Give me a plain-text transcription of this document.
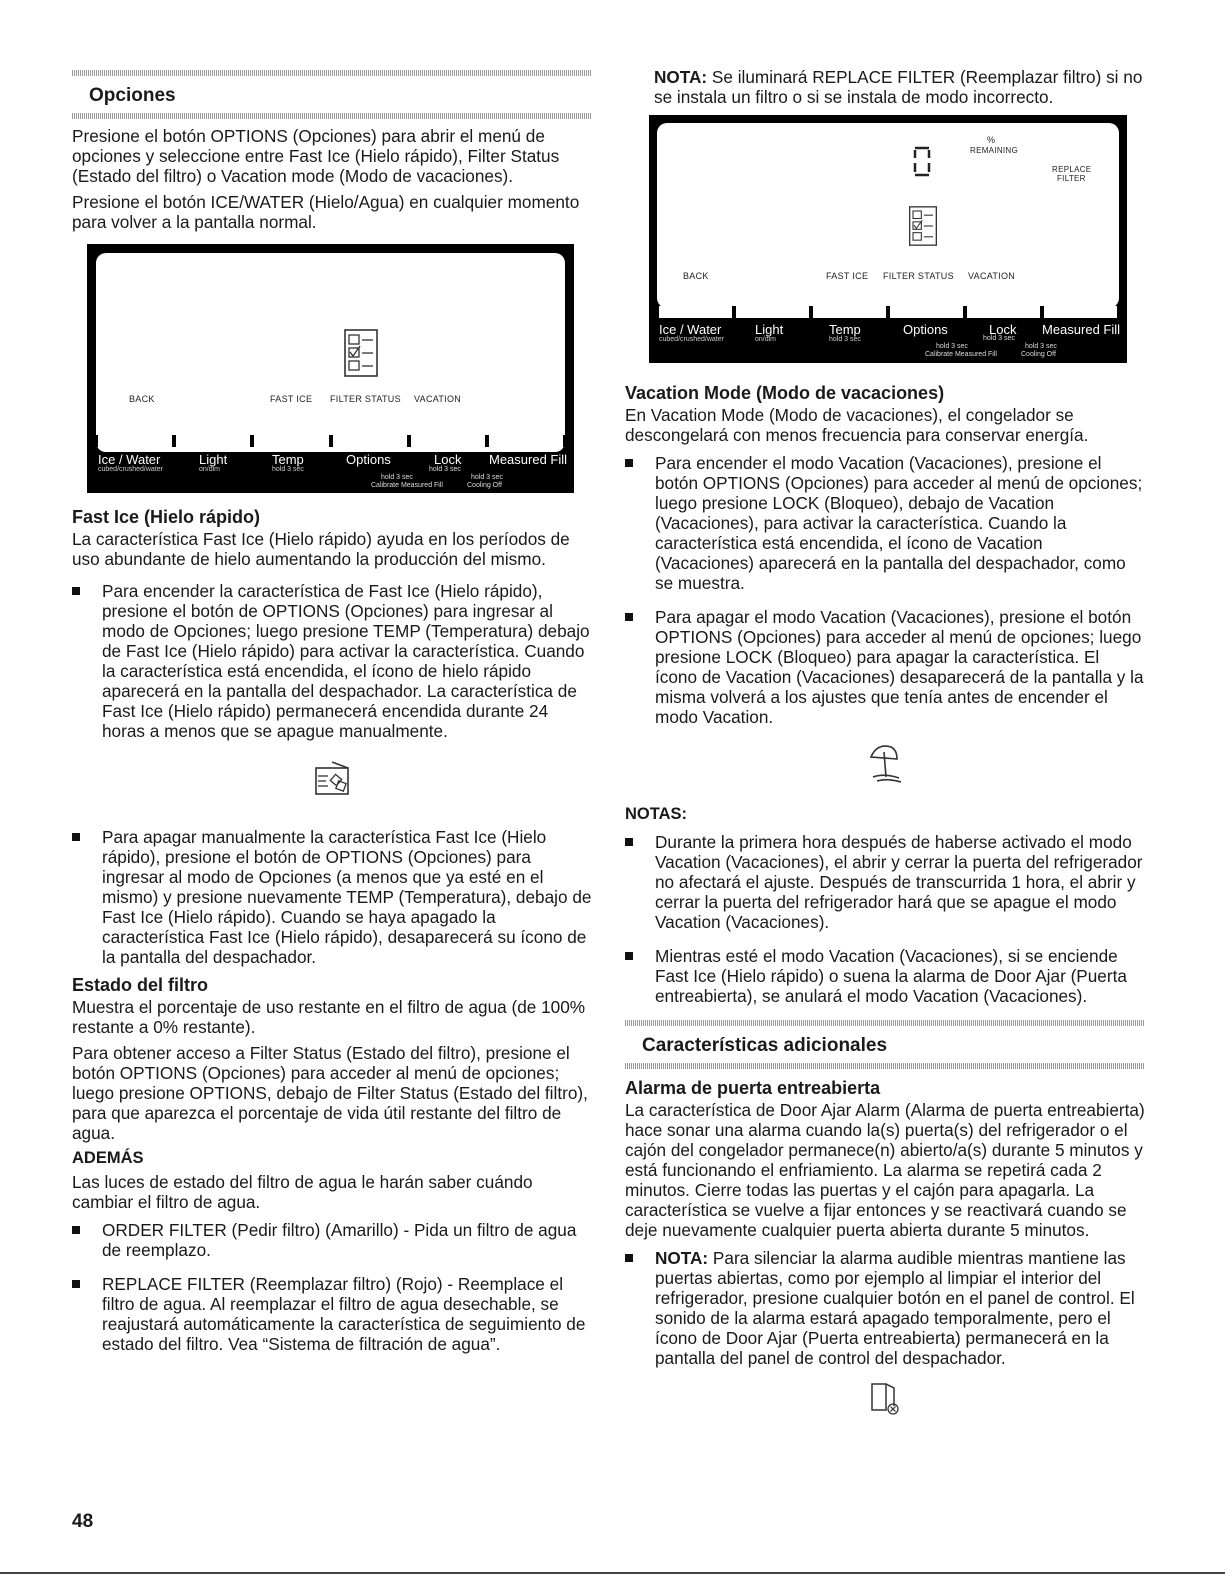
Opciones

Presione el botón OPTIONS (Opciones) para abrir el menú de opciones y seleccione entre Fast Ice (Hielo rápido), Filter Status (Estado del filtro) o Vacation mode (Modo de vacaciones).

Presione el botón ICE/WATER (Hielo/Agua) en cualquier momento para volver a la pantalla normal.

BACK	FAST ICE FILTER STATUS VACATION
Ice / Water
cubed/crushed/water
Light
on/dim
Temp
hold 3 sec
Options	Lock Measured Fill
hold 3 sec
hold 3 sec
hold 3 sec
Calibrate Measured Fill	Cooling Off
Fast Ice (Hielo rápido)

La característica Fast Ice (Hielo rápido) ayuda en los períodos de uso abundante de hielo aumentando la producción del mismo.

Para encender la característica de Fast Ice (Hielo rápido), presione el botón de OPTIONS (Opciones) para ingresar al modo de Opciones; luego presione TEMP (Temperatura) debajo de Fast Ice (Hielo rápido) para activar la característica. Cuando la característica está encendida, el ícono de hielo rápido aparecerá en la pantalla del despachador. La característica de Fast Ice (Hielo rápido) permanecerá encendida durante 24 horas a menos que se apague manualmente.
Para apagar manualmente la característica Fast Ice (Hielo rápido), presione el botón de OPTIONS (Opciones) para ingresar al modo de Opciones (a menos que ya esté en el mismo) y presione nuevamente TEMP (Temperatura), debajo de Fast Ice (Hielo rápido). Cuando se haya apagado la característica Fast Ice (Hielo rápido), desaparecerá su ícono de la pantalla del despachador.
Estado del filtro

Muestra el porcentaje de uso restante en el filtro de agua (de 100% restante a 0% restante).

Para obtener acceso a Filter Status (Estado del filtro), presione el botón OPTIONS (Opciones) para acceder al menú de opciones; luego presione OPTIONS, debajo de Filter Status (Estado del filtro), para que aparezca el porcentaje de vida útil restante del filtro de agua.

ADEMÁS

Las luces de estado del filtro de agua le harán saber cuándo cambiar el filtro de agua.

ORDER FILTER (Pedir filtro) (Amarillo) - Pida un filtro de agua de reemplazo.
REPLACE FILTER (Reemplazar filtro) (Rojo) - Reemplace el filtro de agua. Al reemplazar el filtro de agua desechable, se reajustará automáticamente la característica de seguimiento de estado del filtro. Vea “Sistema de filtración de agua”.

NOTA: Se iluminará REPLACE FILTER (Reemplazar filtro) si no se instala un filtro o si se instala de modo incorrecto.

%
REMAINING
REPLACE
FILTER
BACK	FAST ICE FILTER STATUS VACATION
Ice / Water
cubed/crushed/water
Light
on/dim
Temp
hold 3 sec
Options	Lock Measured Fill
hold 3 sec
hold 3 sec
hold 3 sec
Calibrate Measured Fill	Cooling Off
Vacation Mode (Modo de vacaciones)

En Vacation Mode (Modo de vacaciones), el congelador se descongelará con menos frecuencia para conservar energía.

Para encender el modo Vacation (Vacaciones), presione el botón OPTIONS (Opciones) para acceder al menú de opciones; luego presione LOCK (Bloqueo), debajo de Vacation (Vacaciones), para activar la característica. Cuando la característica está encendida, el ícono de Vacation (Vacaciones) aparecerá en la pantalla del despachador, como se muestra.
Para apagar el modo Vacation (Vacaciones), presione el botón OPTIONS (Opciones) para acceder al menú de opciones; luego presione LOCK (Bloqueo) para apagar la característica. El ícono de Vacation (Vacaciones) desaparecerá de la pantalla y la misma volverá a los ajustes que tenía antes de encender el modo Vacation.
NOTAS:
Durante la primera hora después de haberse activado el modo Vacation (Vacaciones), el abrir y cerrar la puerta del refrigerador no afectará el ajuste. Después de transcurrida 1 hora, el abrir y cerrar la puerta del refrigerador hará que se apague el modo Vacation (Vacaciones).
Mientras esté el modo Vacation (Vacaciones), si se enciende Fast Ice (Hielo rápido) o suena la alarma de Door Ajar (Puerta entreabierta), se anulará el modo Vacation (Vacaciones).
Características adicionales
Alarma de puerta entreabierta

La característica de Door Ajar Alarm (Alarma de puerta entreabierta) hace sonar una alarma cuando la(s) puerta(s) del refrigerador o el cajón del congelador permanece(n) abierto/a(s) durante 5 minutos y está funcionando el enfriamiento. La alarma se repetirá cada 2 minutos. Cierre todas las puertas y el cajón para apagarla. La característica se vuelve a fijar entonces y se reactivará cuando se deje nuevamente cualquier puerta abierta durante 5 minutos.

NOTA: Para silenciar la alarma audible mientras mantiene las puertas abiertas, como por ejemplo al limpiar el interior del refrigerador, presione cualquier botón en el panel de control. El sonido de la alarma estará apagado temporalmente, pero el ícono de Door Ajar (Puerta entreabierta) permanecerá en la pantalla del panel de control del despachador.
48
